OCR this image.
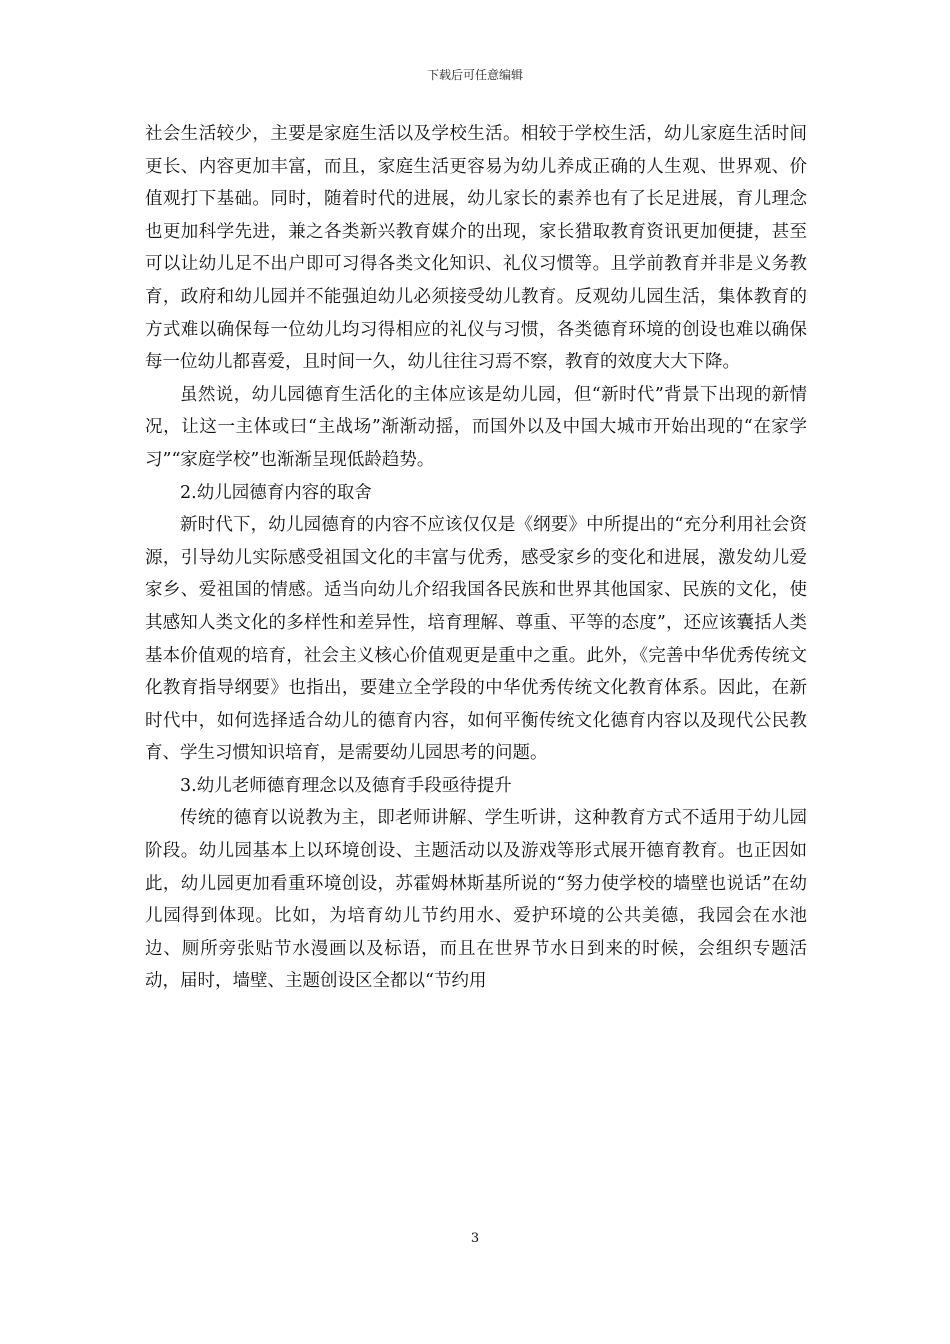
下载后可任意编辑

社会生活较少，主要是家庭生活以及学校生活。相较于学校生活，幼儿家庭生活时间更长、内容更加丰富，而且，家庭生活更容易为幼儿养成正确的人生观、世界观、价值观打下基础。同时，随着时代的进展，幼儿家长的素养也有了长足进展，育儿理念也更加科学先进，兼之各类新兴教育媒介的出现，家长猎取教育资讯更加便捷，甚至可以让幼儿足不出户即可习得各类文化知识、礼仪习惯等。且学前教育并非是义务教育，政府和幼儿园并不能强迫幼儿必须接受幼儿教育。反观幼儿园生活，集体教育的方式难以确保每一位幼儿均习得相应的礼仪与习惯，各类德育环境的创设也难以确保每一位幼儿都喜爱，且时间一久，幼儿往往习焉不察，教育的效度大大下降。

虽然说，幼儿园德育生活化的主体应该是幼儿园，但“新时代”背景下出现的新情况，让这一主体或曰“主战场”渐渐动摇，而国外以及中国大城市开始出现的“在家学习”“家庭学校”也渐渐呈现低龄趋势。

2.幼儿园德育内容的取舍

新时代下，幼儿园德育的内容不应该仅仅是《纲要》中所提出的“充分利用社会资源，引导幼儿实际感受祖国文化的丰富与优秀，感受家乡的变化和进展，激发幼儿爱家乡、爱祖国的情感。适当向幼儿介绍我国各民族和世界其他国家、民族的文化，使其感知人类文化的多样性和差异性，培育理解、尊重、平等的态度”，还应该囊括人类基本价值观的培育，社会主义核心价值观更是重中之重。此外，《完善中华优秀传统文化教育指导纲要》也指出，要建立全学段的中华优秀传统文化教育体系。因此，在新时代中，如何选择适合幼儿的德育内容，如何平衡传统文化德育内容以及现代公民教育、学生习惯知识培育，是需要幼儿园思考的问题。

3.幼儿老师德育理念以及德育手段亟待提升

传统的德育以说教为主，即老师讲解、学生听讲，这种教育方式不适用于幼儿园阶段。幼儿园基本上以环境创设、主题活动以及游戏等形式展开德育教育。也正因如此，幼儿园更加看重环境创设，苏霍姆林斯基所说的“努力使学校的墙壁也说话”在幼儿园得到体现。比如，为培育幼儿节约用水、爱护环境的公共美德，我园会在水池边、厕所旁张贴节水漫画以及标语，而且在世界节水日到来的时候，会组织专题活动，届时，墙壁、主题创设区全都以“节约用

3
